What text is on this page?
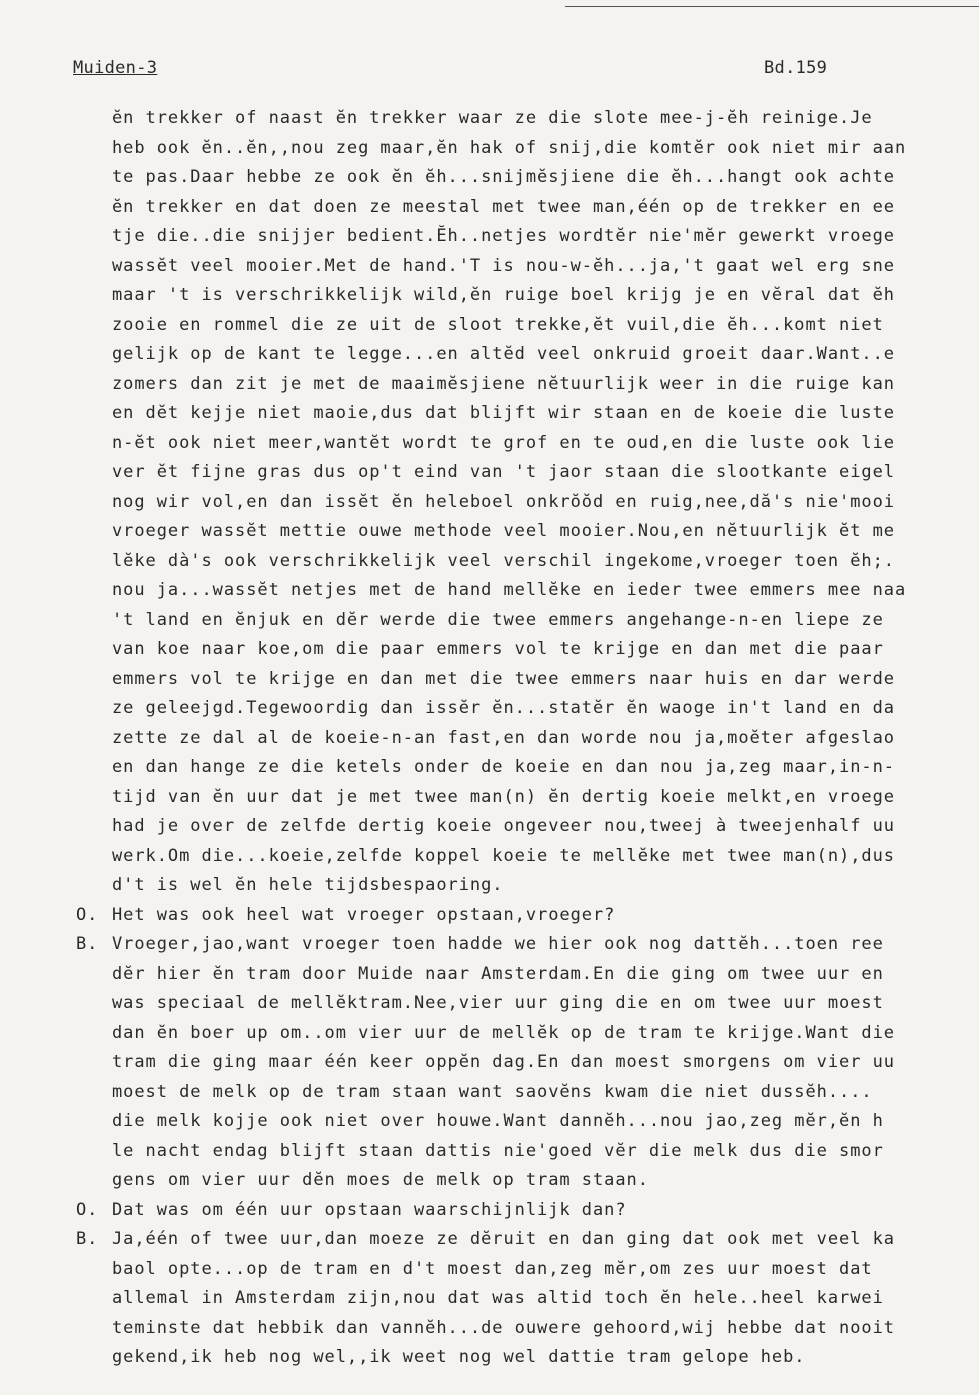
Muiden-3	Bd.159
ĕn trekker of naast ĕn trekker waar ze die slote mee-j-ĕh reinige.Je
heb ook ĕn..ĕn,,nou zeg maar,ĕn hak of snij,die komtĕr ook niet mir aan
te pas.Daar hebbe ze ook ĕn ĕh...snijmĕsjiene die ĕh...hangt ook achte
ĕn trekker en dat doen ze meestal met twee man,één op de trekker en ee
tje die..die snijjer bedient.Ĕh..netjes wordtĕr nie'mĕr gewerkt vroege
wassĕt veel mooier.Met de hand.'T is nou-w-ĕh...ja,'t gaat wel erg sne
maar 't is verschrikkelijk wild,ĕn ruige boel krijg je en vĕral dat ĕh
zooie en rommel die ze uit de sloot trekke,ĕt vuil,die ĕh...komt niet
gelijk op de kant te legge...en altĕd veel onkruid groeit daar.Want..e
zomers dan zit je met de maaimĕsjiene nĕtuurlijk weer in die ruige kan
en dĕt kejje niet maoie,dus dat blijft wir staan en de koeie die luste
n-ĕt ook niet meer,wantĕt wordt te grof en te oud,en die luste ook lie
ver ĕt fijne gras dus op't eind van 't jaor staan die slootkante eigel
nog wir vol,en dan issĕt ĕn heleboel onkrŏŏd en ruig,nee,dă's nie'mooi
vroeger wassĕt mettie ouwe methode veel mooier.Nou,en nĕtuurlijk ĕt me
lĕke dà's ook verschrikkelijk veel verschil ingekome,vroeger toen ĕh;.
nou ja...wassĕt netjes met de hand mellĕke en ieder twee emmers mee naa
't land en ĕnjuk en dĕr werde die twee emmers angehange-n-en liepe ze
van koe naar koe,om die paar emmers vol te krijge en dan met die paar
emmers vol te krijge en dan met die twee emmers naar huis en dar werde
ze geleejgd.Tegewoordig dan issĕr ĕn...statĕr ĕn waoge in't land en da
zette ze dal al de koeie-n-an fast,en dan worde nou ja,moĕter afgeslao
en dan hange ze die ketels onder de koeie en dan nou ja,zeg maar,in-n-
tijd van ĕn uur dat je met twee man(n) ĕn dertig koeie melkt,en vroege
had je over de zelfde dertig koeie ongeveer nou,tweej à tweejenhalf uu
werk.Om die...koeie,zelfde koppel koeie te mellĕke met twee man(n),dus
d't is wel ĕn hele tijdsbespaoring.
O. Het was ook heel wat vroeger opstaan,vroeger?
B. Vroeger,jao,want vroeger toen hadde we hier ook nog dattĕh...toen ree
dĕr hier ĕn tram door Muide naar Amsterdam.En die ging om twee uur en
was speciaal de mellĕktram.Nee,vier uur ging die en om twee uur moest
dan ĕn boer up om..om vier uur de mellĕk op de tram te krijge.Want die
tram die ging maar één keer oppĕn dag.En dan moest smorgens om vier uu
moest de melk op de tram staan want saovĕns kwam die niet dussĕh....
die melk kojje ook niet over houwe.Want dannĕh...nou jao,zeg mĕr,ĕn h
le nacht endag blijft staan dattis nie'goed vĕr die melk dus die smor
gens om vier uur dĕn moes de melk op tram staan.
O. Dat was om één uur opstaan waarschijnlijk dan?
B. Ja,één of twee uur,dan moeze ze dĕruit en dan ging dat ook met veel ka
baol opte...op de tram en d't moest dan,zeg mĕr,om zes uur moest dat
allemal in Amsterdam zijn,nou dat was altid toch ĕn hele..heel karwei
teminste dat hebbik dan vannĕh...de ouwere gehoord,wij hebbe dat nooit
gekend,ik heb nog wel,,ik weet nog wel dattie tram gelope heb.
